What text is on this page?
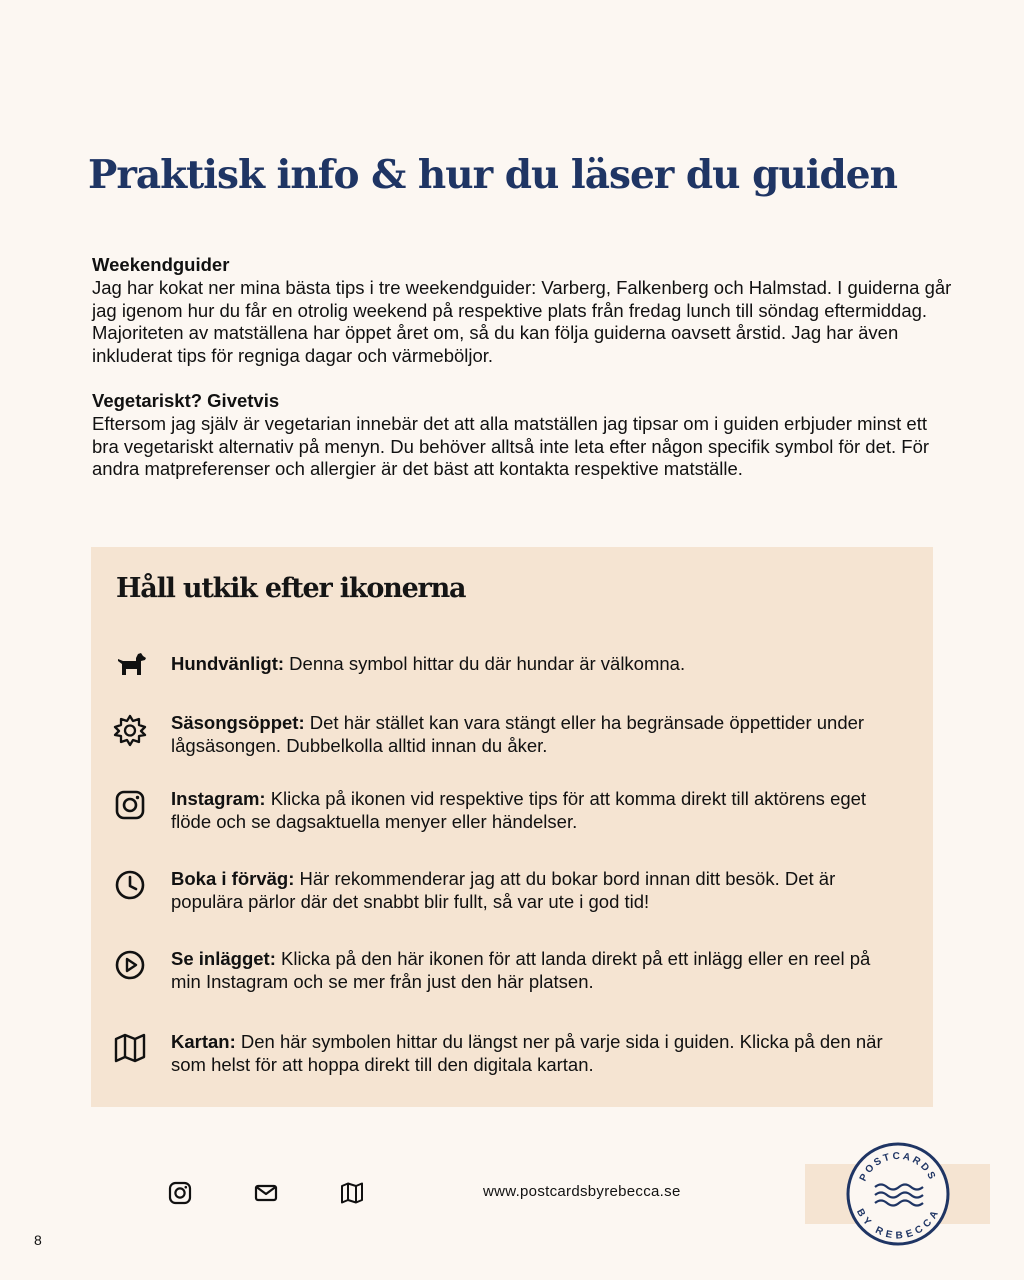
Praktisk info & hur du läser du guiden
Weekendguider
Jag har kokat ner mina bästa tips i tre weekendguider: Varberg, Falkenberg och Halmstad. I guiderna går jag igenom hur du får en otrolig weekend på respektive plats från fredag lunch till söndag eftermiddag. Majoriteten av matställena har öppet året om, så du kan följa guiderna oavsett årstid. Jag har även inkluderat tips för regniga dagar och värmeböljor.
Vegetariskt? Givetvis
Eftersom jag själv är vegetarian innebär det att alla matställen jag tipsar om i guiden erbjuder minst ett bra vegetariskt alternativ på menyn. Du behöver alltså inte leta efter någon specifik symbol för det. För andra matpreferenser och allergier är det bäst att kontakta respektive matställe.
Håll utkik efter ikonerna
Hundvänligt: Denna symbol hittar du där hundar är välkomna.
Säsongsöppet: Det här stället kan vara stängt eller ha begränsade öppettider under lågsäsongen. Dubbelkolla alltid innan du åker.
Instagram: Klicka på ikonen vid respektive tips för att komma direkt till aktörens eget flöde och se dagsaktuella menyer eller händelser.
Boka i förväg: Här rekommenderar jag att du bokar bord innan ditt besök. Det är populära pärlor där det snabbt blir fullt, så var ute i god tid!
Se inlägget: Klicka på den här ikonen för att landa direkt på ett inlägg eller en reel på min Instagram och se mer från just den här platsen.
Kartan: Den här symbolen hittar du längst ner på varje sida i guiden. Klicka på den när som helst för att hoppa direkt till den digitala kartan.
www.postcardsbyrebecca.se
POSTCARDS
BY REBECCA
8
